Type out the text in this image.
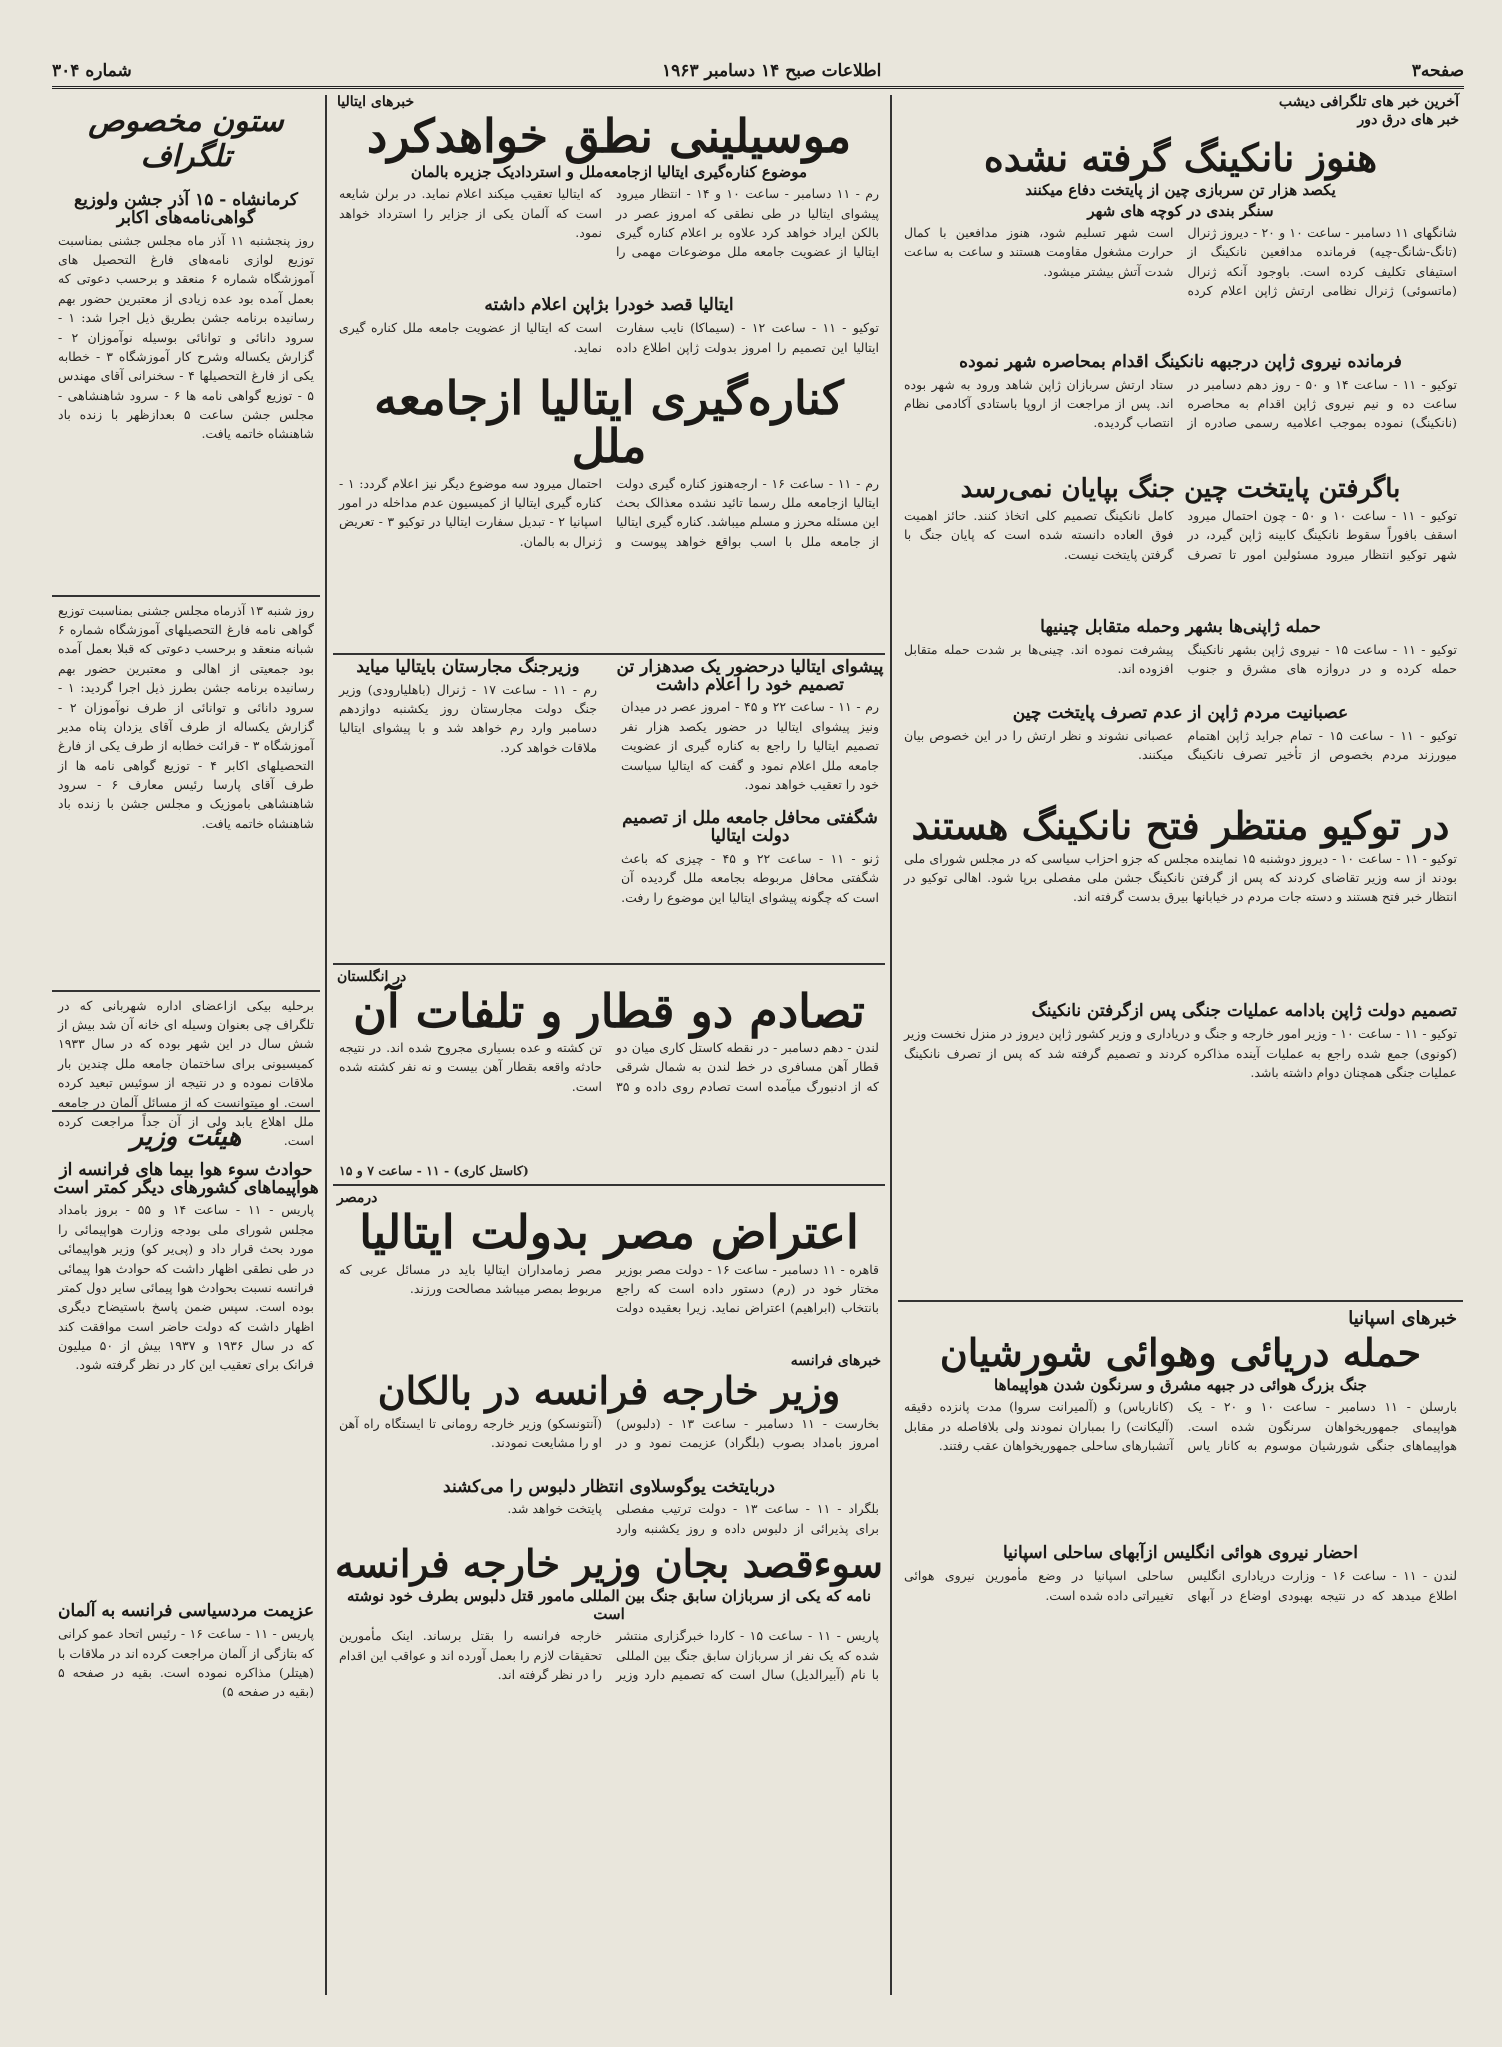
صفحه۳
اطلاعات صبح ۱۴ دسامبر ۱۹۶۳
شماره ۳۰۴
آخرین خبر های تلگرافی دیشب
خبر های درق دور
هنوز نانکینگ گرفته نشده
یکصد هزار تن سربازی چین از پایتخت دفاع میکنند
سنگر بندی در کوچه های شهر
شانگهای ۱۱ دسامبر - ساعت ۱۰ و ۲۰ - دیروز ژنرال (تانگ-شانگ-چیه) فرمانده مدافعین نانکینگ از استیفای تکلیف کرده است. باوجود آنکه ژنرال (ماتسوئی) ژنرال نظامی ارتش ژاپن اعلام کرده است شهر تسلیم شود، هنوز مدافعین با کمال حرارت مشغول مقاومت هستند و ساعت به ساعت شدت آتش بیشتر میشود.
فرمانده نیروی ژاپن درجبهه نانکینگ اقدام بمحاصره شهر نموده
توکیو - ۱۱ - ساعت ۱۴ و ۵۰ - روز دهم دسامبر در ساعت ده و نیم نیروی ژاپن اقدام به محاصره (نانکینگ) نموده بموجب اعلامیه رسمی صادره از ستاد ارتش سربازان ژاپن شاهد ورود به شهر بوده اند. پس از مراجعت از اروپا باستادی آکادمی نظام انتصاب گردیده.
باگرفتن پایتخت چین جنگ بپایان نمی‌رسد
توکیو - ۱۱ - ساعت ۱۰ و ۵۰ - چون احتمال میرود اسقف بافوراً سقوط نانکینگ کابینه ژاپن گیرد، در شهر توکیو انتظار میرود مسئولین امور تا تصرف کامل نانکینگ تصمیم کلی اتخاذ کنند. حائز اهمیت فوق العاده دانسته شده است که پایان جنگ با گرفتن پایتخت نیست.
حمله ژاپنی‌ها بشهر وحمله متقابل چینیها
توکیو - ۱۱ - ساعت ۱۵ - نیروی ژاپن بشهر نانکینگ حمله کرده و در دروازه های مشرق و جنوب پیشرفت نموده اند. چینی‌ها بر شدت حمله متقابل افزوده اند.
عصبانیت مردم ژاپن از عدم تصرف پایتخت چین
توکیو - ۱۱ - ساعت ۱۵ - تمام جراید ژاپن اهتمام میورزند مردم بخصوص از تأخیر تصرف نانکینگ عصبانی نشوند و نظر ارتش را در این خصوص بیان میکنند.
در توکیو منتظر فتح نانکینگ هستند
توکیو - ۱۱ - ساعت ۱۰ - دیروز دوشنبه ۱۵ نماینده مجلس که جزو احزاب سیاسی که در مجلس شورای ملی بودند از سه وزیر تقاضای کردند که پس از گرفتن نانکینگ جشن ملی مفصلی برپا شود. اهالی توکیو در انتظار خبر فتح هستند و دسته جات مردم در خیابانها بیرق بدست گرفته اند.
تصمیم دولت ژاپن بادامه عملیات جنگی پس ازگرفتن نانکینگ
توکیو - ۱۱ - ساعت ۱۰ - وزیر امور خارجه و جنگ و دریاداری و وزیر کشور ژاپن دیروز در منزل نخست وزیر (کونوی) جمع شده راجع به عملیات آینده مذاکره کردند و تصمیم گرفته شد که پس از تصرف نانکینگ عملیات جنگی همچنان دوام داشته باشد.
خبرهای اسپانیا
حمله دریائی وهوائی شورشیان
جنگ بزرگ هوائی در جبهه مشرق و سرنگون شدن هواپیماها
بارسلن - ۱۱ دسامبر - ساعت ۱۰ و ۲۰ - یک هواپیمای جمهوریخواهان سرنگون شده است. هواپیماهای جنگی شورشیان موسوم به کانار یاس (کاناریاس) و (آلمیرانت سروا) مدت پانزده دقیقه (آلیکانت) را بمباران نمودند ولی بلافاصله در مقابل آتشبارهای ساحلی جمهوریخواهان عقب رفتند.
احضار نیروی هوائی انگلیس ازآبهای ساحلی اسپانیا
لندن - ۱۱ - ساعت ۱۶ - وزارت دریاداری انگلیس اطلاع میدهد که در نتیجه بهبودی اوضاع در آبهای ساحلی اسپانیا در وضع مأمورین نیروی هوائی تغییراتی داده شده است.
خبرهای ایتالیا
موسیلینی نطق خواهدکرد
موضوع کناره‌گیری ایتالیا ازجامعه‌ملل و استردادیک جزیره بالمان
رم - ۱۱ دسامبر - ساعت ۱۰ و ۱۴ - انتظار میرود پیشوای ایتالیا در طی نطقی که امروز عصر در بالکن ایراد خواهد کرد علاوه بر اعلام کناره گیری ایتالیا از عضویت جامعه ملل موضوعات مهمی را که ایتالیا تعقیب میکند اعلام نماید. در برلن شایعه است که آلمان یکی از جزایر را استرداد خواهد نمود.
ایتالیا قصد خودرا بژاپن اعلام داشته
توکیو - ۱۱ - ساعت ۱۲ - (سیماکا) نایب سفارت ایتالیا این تصمیم را امروز بدولت ژاپن اطلاع داده است که ایتالیا از عضویت جامعه ملل کناره گیری نماید.
کناره‌گیری ایتالیا ازجامعه ملل
رم - ۱۱ - ساعت ۱۶ - ارجه‌هنوز کناره گیری دولت ایتالیا ازجامعه ملل رسما تائید نشده معذالک بحث این مسئله محرز و مسلم میباشد. کناره گیری ایتالیا از جامعه ملل با اسب بواقع خواهد پیوست و احتمال میرود سه موضوع دیگر نیز اعلام گردد: ۱ - کناره گیری ایتالیا از کمیسیون عدم مداخله در امور اسپانیا ۲ - تبدیل سفارت ایتالیا در توکیو ۳ - تعریض ژنرال به بالمان.
پیشوای ایتالیا درحضور یک صدهزار تن تصمیم خود را اعلام داشت
رم - ۱۱ - ساعت ۲۲ و ۴۵ - امروز عصر در میدان ونیز پیشوای ایتالیا در حضور یکصد هزار نفر تصمیم ایتالیا را راجع به کناره گیری از عضویت جامعه ملل اعلام نمود و گفت که ایتالیا سیاست خود را تعقیب خواهد نمود.
شگفتی محافل جامعه ملل از تصمیم دولت ایتالیا
ژنو - ۱۱ - ساعت ۲۲ و ۴۵ - چیزی که باعث شگفتی محافل مربوطه بجامعه ملل گردیده آن است که چگونه پیشوای ایتالیا این موضوع را رفت.
وزیرجنگ مجارستان بایتالیا میاید
رم - ۱۱ - ساعت ۱۷ - ژنرال (باهلیارودی) وزیر جنگ دولت مجارستان روز یکشنبه دوازدهم دسامبر وارد رم خواهد شد و با پیشوای ایتالیا ملاقات خواهد کرد.
در انگلستان
تصادم دو قطار و تلفات آن
لندن - دهم دسامبر - در نقطه کاستل کاری میان دو قطار آهن مسافری در خط لندن به شمال شرقی که از ادنبورگ میآمده است تصادم روی داده و ۳۵ تن کشته و عده بسیاری مجروح شده اند. در نتیجه حادثه واقعه بقطار آهن بیست و نه نفر کشته شده است.
(کاستل کاری) - ۱۱ - ساعت ۷ و ۱۵
درمصر
اعتراض مصر بدولت ایتالیا
قاهره - ۱۱ دسامبر - ساعت ۱۶ - دولت مصر بوزیر مختار خود در (رم) دستور داده است که راجع بانتخاب (ابراهیم) اعتراض نماید. زیرا بعقیده دولت مصر زمامداران ایتالیا باید در مسائل عربی که مربوط بمصر میباشد مصالحت ورزند.
خبرهای فرانسه
وزیر خارجه فرانسه در بالکان
بخارست - ۱۱ دسامبر - ساعت ۱۳ - (دلبوس) امروز بامداد بصوب (بلگراد) عزیمت نمود و در (آنتونسکو) وزیر خارجه رومانی تا ایستگاه راه آهن او را مشایعت نمودند.
دربایتخت یوگوسلاوی انتظار دلبوس را می‌کشند
بلگراد - ۱۱ - ساعت ۱۳ - دولت ترتیب مفصلی برای پذیرائی از دلبوس داده و روز یکشنبه وارد پایتخت خواهد شد.
سوءقصد بجان وزیر خارجه فرانسه
نامه که یکی از سربازان سابق جنگ بین المللی مامور قتل دلبوس بطرف خود نوشته است
پاریس - ۱۱ - ساعت ۱۵ - کاردا خبرگزاری منتشر شده که یک نفر از سربازان سابق جنگ بین المللی با نام (آبیرالدیل) سال است که تصمیم دارد وزیر خارجه فرانسه را بقتل برساند. اینک مأمورین تحقیقات لازم را بعمل آورده اند و عواقب این اقدام را در نظر گرفته اند.
ستون مخصوص تلگراف
کرمانشاه - ۱۵ آذر جشن ولوزیع گواهی‌نامه‌های اکابر
روز پنجشنبه ۱۱ آذر ماه مجلس جشنی بمناسبت توزیع لوازی نامه‌های فارغ التحصیل های آموزشگاه شماره ۶ منعقد و برحسب دعوتی که بعمل آمده بود عده زیادی از معتبرین حضور بهم رسانیده برنامه جشن بطریق ذیل اجرا شد: ۱ - سرود دانائی و توانائی بوسیله نوآموزان ۲ - گزارش یکساله وشرح کار آموزشگاه ۳ - خطابه یکی از فارغ التحصیلها ۴ - سخنرانی آقای مهندس ۵ - توزیع گواهی نامه ها ۶ - سرود شاهنشاهی - مجلس جشن ساعت ۵ بعدازظهر با زنده باد شاهنشاه خاتمه یافت.
روز شنبه ۱۳ آذرماه مجلس جشنی بمناسبت توزیع گواهی نامه فارغ التحصیلهای آموزشگاه شماره ۶ شبانه منعقد و برحسب دعوتی که قبلا بعمل آمده بود جمعیتی از اهالی و معتبرین حضور بهم رسانیده برنامه جشن بطرز ذیل اجرا گردید: ۱ - سرود دانائی و توانائی از طرف نوآموزان ۲ - گزارش یکساله از طرف آقای یزدان پناه مدیر آموزشگاه ۳ - قرائت خطابه از طرف یکی از فارغ التحصیلهای اکابر ۴ - توزیع گواهی نامه ها از طرف آقای پارسا رئیس معارف ۶ - سرود شاهنشاهی باموزیک و مجلس جشن با زنده باد شاهنشاه خاتمه یافت.
برحلیه بیکی ازاعضای اداره شهربانی که در تلگراف چی بعنوان وسیله ای خانه آن شد بیش از شش سال در این شهر بوده که در سال ۱۹۳۳ کمیسیونی برای ساختمان جامعه ملل چندین بار ملاقات نموده و در نتیجه از سوئیس تبعید کرده است. او میتوانست که از مسائل آلمان در جامعه ملل اهلاع یابد ولی از آن جداً مراجعت کرده است.
هیئت وزیر
حوادث سوء هوا بیما های فرانسه از هواپیماهای کشورهای دیگر کمتر است
پاریس - ۱۱ - ساعت ۱۴ و ۵۵ - بروز بامداد مجلس شورای ملی بودجه وزارت هواپیمائی را مورد بحث قرار داد و (پی‌یر کو) وزیر هواپیمائی در طی نطقی اظهار داشت که حوادث هوا پیمائی فرانسه نسبت بحوادث هوا پیمائی سایر دول کمتر بوده است. سپس ضمن پاسخ باستیضاح دیگری اظهار داشت که دولت حاضر است موافقت کند که در سال ۱۹۳۶ و ۱۹۳۷ بیش از ۵۰ میلیون فرانک برای تعقیب این کار در نظر گرفته شود.
عزیمت مردسیاسی فرانسه به آلمان
پاریس - ۱۱ - ساعت ۱۶ - رئیس اتحاد عمو کرانی که بتازگی از آلمان مراجعت کرده اند در ملاقات با (هیتلر) مذاکره نموده است. بقیه در صفحه ۵ (بقیه در صفحه ۵)
